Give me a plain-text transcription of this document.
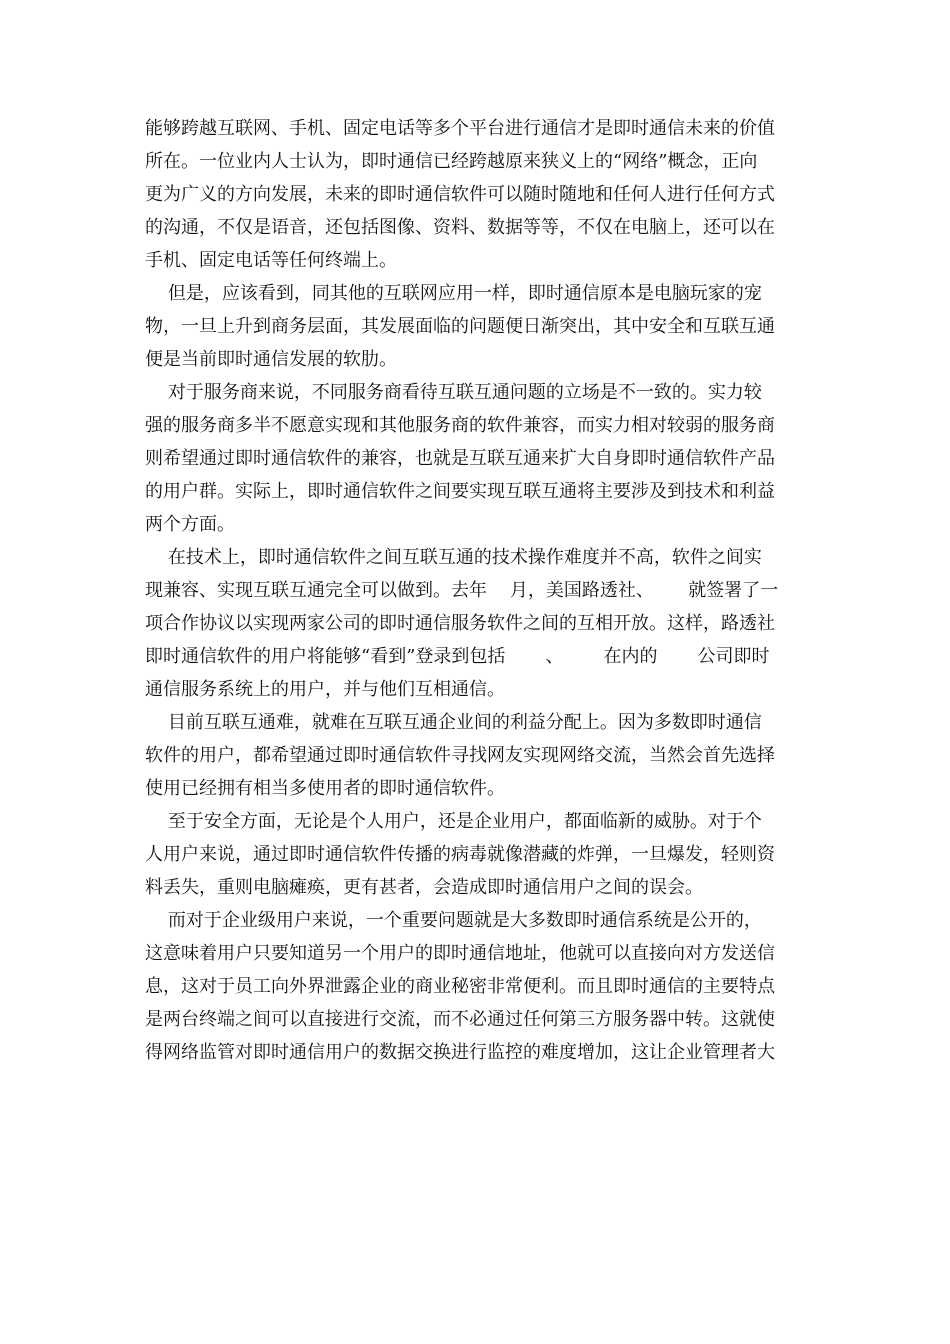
能够跨越互联网、手机、固定电话等多个平台进行通信才是即时通信未来的价值
所在。一位业内人士认为，即时通信已经跨越原来狭义上的“网络”概念，正向
更为广义的方向发展，未来的即时通信软件可以随时随地和任何人进行任何方式
的沟通，不仅是语音，还包括图像、资料、数据等等，不仅在电脑上，还可以在
手机、固定电话等任何终端上。
但是，应该看到，同其他的互联网应用一样，即时通信原本是电脑玩家的宠
物，一旦上升到商务层面，其发展面临的问题便日渐突出，其中安全和互联互通
便是当前即时通信发展的软肋。
对于服务商来说，不同服务商看待互联互通问题的立场是不一致的。实力较
强的服务商多半不愿意实现和其他服务商的软件兼容，而实力相对较弱的服务商
则希望通过即时通信软件的兼容，也就是互联互通来扩大自身即时通信软件产品
的用户群。实际上，即时通信软件之间要实现互联互通将主要涉及到技术和利益
两个方面。
在技术上，即时通信软件之间互联互通的技术操作难度并不高，软件之间实
现兼容、实现互联互通完全可以做到。去年    月，美国路透社、      就签署了一
项合作协议以实现两家公司的即时通信服务软件之间的互相开放。这样，路透社
即时通信软件的用户将能够“看到”登录到包括       、       在内的       公司即时
通信服务系统上的用户，并与他们互相通信。
目前互联互通难，就难在互联互通企业间的利益分配上。因为多数即时通信
软件的用户，都希望通过即时通信软件寻找网友实现网络交流，当然会首先选择
使用已经拥有相当多使用者的即时通信软件。
至于安全方面，无论是个人用户，还是企业用户，都面临新的威胁。对于个
人用户来说，通过即时通信软件传播的病毒就像潜藏的炸弹，一旦爆发，轻则资
料丢失，重则电脑瘫痪，更有甚者，会造成即时通信用户之间的误会。
而对于企业级用户来说，一个重要问题就是大多数即时通信系统是公开的，
这意味着用户只要知道另一个用户的即时通信地址，他就可以直接向对方发送信
息，这对于员工向外界泄露企业的商业秘密非常便利。而且即时通信的主要特点
是两台终端之间可以直接进行交流，而不必通过任何第三方服务器中转。这就使
得网络监管对即时通信用户的数据交换进行监控的难度增加，这让企业管理者大
